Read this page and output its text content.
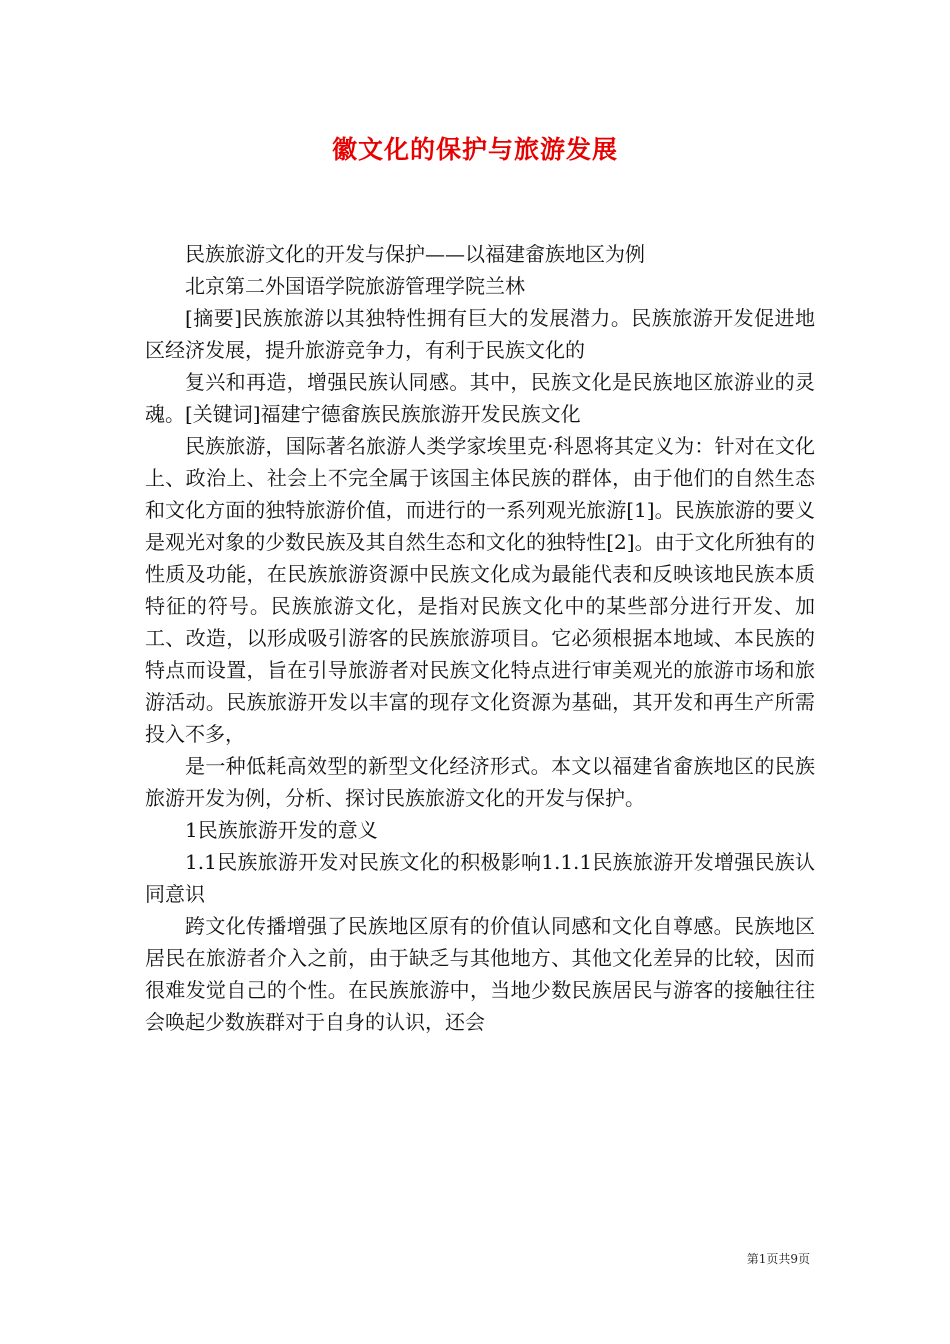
徽文化的保护与旅游发展

民族旅游文化的开发与保护——以福建畲族地区为例

北京第二外国语学院旅游管理学院兰林

[摘要]民族旅游以其独特性拥有巨大的发展潜力。民族旅游开发促进地区经济发展，提升旅游竞争力，有利于民族文化的

复兴和再造，增强民族认同感。其中，民族文化是民族地区旅游业的灵魂。[关键词]福建宁德畲族民族旅游开发民族文化

民族旅游，国际著名旅游人类学家埃里克·科恩将其定义为：针对在文化上、政治上、社会上不完全属于该国主体民族的群体，由于他们的自然生态和文化方面的独特旅游价值，而进行的一系列观光旅游[1]。民族旅游的要义是观光对象的少数民族及其自然生态和文化的独特性[2]。由于文化所独有的性质及功能，在民族旅游资源中民族文化成为最能代表和反映该地民族本质特征的符号。民族旅游文化，是指对民族文化中的某些部分进行开发、加工、改造，以形成吸引游客的民族旅游项目。它必须根据本地域、本民族的特点而设置，旨在引导旅游者对民族文化特点进行审美观光的旅游市场和旅游活动。民族旅游开发以丰富的现存文化资源为基础，其开发和再生产所需投入不多，

是一种低耗高效型的新型文化经济形式。本文以福建省畲族地区的民族旅游开发为例，分析、探讨民族旅游文化的开发与保护。

1民族旅游开发的意义

1.1民族旅游开发对民族文化的积极影响1.1.1民族旅游开发增强民族认同意识

跨文化传播增强了民族地区原有的价值认同感和文化自尊感。民族地区居民在旅游者介入之前，由于缺乏与其他地方、其他文化差异的比较，因而很难发觉自己的个性。在民族旅游中，当地少数民族居民与游客的接触往往会唤起少数族群对于自身的认识，还会

第1页共9页
